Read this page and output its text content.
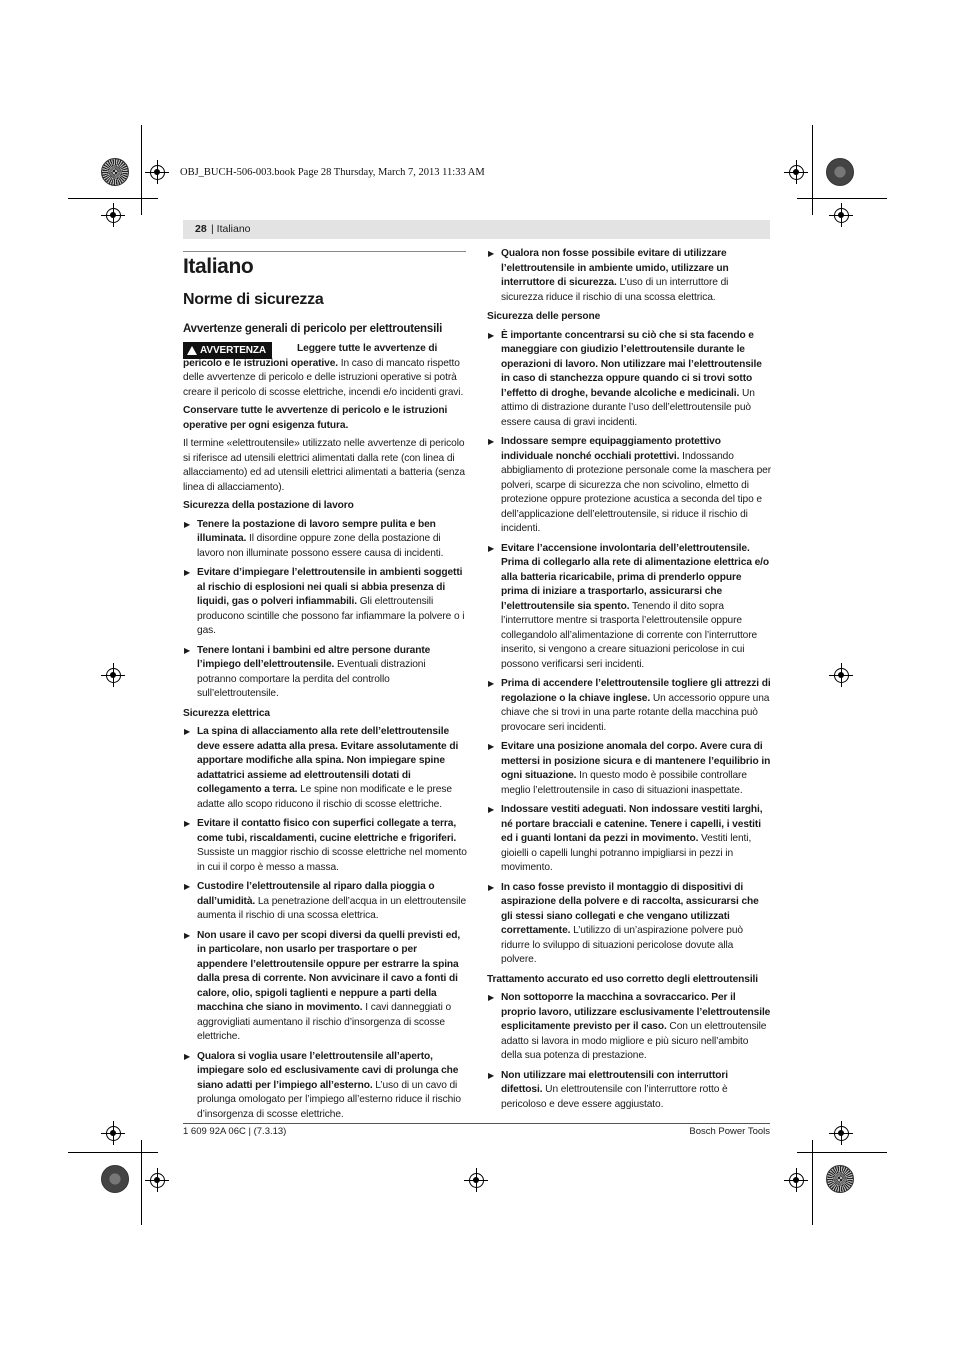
OBJ_BUCH-506-003.book Page 28 Thursday, March 7, 2013 11:33 AM
28 | Italiano
Italiano
Norme di sicurezza
Avvertenze generali di pericolo per elettroutensili
AVVERTENZA	Leggere tutte le avvertenze di pericolo e le istruzioni operative. In caso di mancato rispetto delle avvertenze di pericolo e delle istruzioni operative si potrà creare il pericolo di scosse elettriche, incendi e/o incidenti gravi.

Conservare tutte le avvertenze di pericolo e le istruzioni operative per ogni esigenza futura.

Il termine «elettroutensile» utilizzato nelle avvertenze di pericolo si riferisce ad utensili elettrici alimentati dalla rete (con linea di allacciamento) ed ad utensili elettrici alimentati a batteria (senza linea di allacciamento).

Sicurezza della postazione di lavoro
▶ Tenere la postazione di lavoro sempre pulita e ben illuminata. Il disordine oppure zone della postazione di lavoro non illuminate possono essere causa di incidenti.
▶ Evitare d’impiegare l’elettroutensile in ambienti soggetti al rischio di esplosioni nei quali si abbia presenza di liquidi, gas o polveri infiammabili. Gli elettroutensili producono scintille che possono far infiammare la polvere o i gas.
▶ Tenere lontani i bambini ed altre persone durante l’impiego dell’elettroutensile. Eventuali distrazioni potranno comportare la perdita del controllo sull’elettroutensile.
Sicurezza elettrica
▶ La spina di allacciamento alla rete dell’elettroutensile deve essere adatta alla presa. Evitare assolutamente di apportare modifiche alla spina. Non impiegare spine adattatrici assieme ad elettroutensili dotati di collegamento a terra. Le spine non modificate e le prese adatte allo scopo riducono il rischio di scosse elettriche.
▶ Evitare il contatto fisico con superfici collegate a terra, come tubi, riscaldamenti, cucine elettriche e frigoriferi. Sussiste un maggior rischio di scosse elettriche nel momento in cui il corpo è messo a massa.
▶ Custodire l’elettroutensile al riparo dalla pioggia o dall’umidità. La penetrazione dell’acqua in un elettroutensile aumenta il rischio di una scossa elettrica.
▶ Non usare il cavo per scopi diversi da quelli previsti ed, in particolare, non usarlo per trasportare o per appendere l’elettroutensile oppure per estrarre la spina dalla presa di corrente. Non avvicinare il cavo a fonti di calore, olio, spigoli taglienti e neppure a parti della macchina che siano in movimento. I cavi danneggiati o aggrovigliati aumentano il rischio d’insorgenza di scosse elettriche.
▶ Qualora si voglia usare l’elettroutensile all’aperto, impiegare solo ed esclusivamente cavi di prolunga che siano adatti per l’impiego all’esterno. L’uso di un cavo di prolunga omologato per l’impiego all’esterno riduce il rischio d’insorgenza di scosse elettriche.
▶ Qualora non fosse possibile evitare di utilizzare l’elettroutensile in ambiente umido, utilizzare un interruttore di sicurezza. L’uso di un interruttore di sicurezza riduce il rischio di una scossa elettrica.
Sicurezza delle persone
▶ È importante concentrarsi su ciò che si sta facendo e maneggiare con giudizio l’elettroutensile durante le operazioni di lavoro. Non utilizzare mai l’elettroutensile in caso di stanchezza oppure quando ci si trovi sotto l’effetto di droghe, bevande alcoliche e medicinali. Un attimo di distrazione durante l’uso dell’elettroutensile può essere causa di gravi incidenti.
▶ Indossare sempre equipaggiamento protettivo individuale nonché occhiali protettivi. Indossando abbigliamento di protezione personale come la maschera per polveri, scarpe di sicurezza che non scivolino, elmetto di protezione oppure protezione acustica a seconda del tipo e dell’applicazione dell’elettroutensile, si riduce il rischio di incidenti.
▶ Evitare l’accensione involontaria dell’elettroutensile. Prima di collegarlo alla rete di alimentazione elettrica e/o alla batteria ricaricabile, prima di prenderlo oppure prima di iniziare a trasportarlo, assicurarsi che l’elettroutensile sia spento. Tenendo il dito sopra l’interruttore mentre si trasporta l’elettroutensile oppure collegandolo all’alimentazione di corrente con l’interruttore inserito, si vengono a creare situazioni pericolose in cui possono verificarsi seri incidenti.
▶ Prima di accendere l’elettroutensile togliere gli attrezzi di regolazione o la chiave inglese. Un accessorio oppure una chiave che si trovi in una parte rotante della macchina può provocare seri incidenti.
▶ Evitare una posizione anomala del corpo. Avere cura di mettersi in posizione sicura e di mantenere l’equilibrio in ogni situazione. In questo modo è possibile controllare meglio l’elettroutensile in caso di situazioni inaspettate.
▶ Indossare vestiti adeguati. Non indossare vestiti larghi, né portare bracciali e catenine. Tenere i capelli, i vestiti ed i guanti lontani da pezzi in movimento. Vestiti lenti, gioielli o capelli lunghi potranno impigliarsi in pezzi in movimento.
▶ In caso fosse previsto il montaggio di dispositivi di aspirazione della polvere e di raccolta, assicurarsi che gli stessi siano collegati e che vengano utilizzati correttamente. L’utilizzo di un’aspirazione polvere può ridurre lo sviluppo di situazioni pericolose dovute alla polvere.
Trattamento accurato ed uso corretto degli elettroutensili
▶ Non sottoporre la macchina a sovraccarico. Per il proprio lavoro, utilizzare esclusivamente l’elettroutensile esplicitamente previsto per il caso. Con un elettroutensile adatto si lavora in modo migliore e più sicuro nell’ambito della sua potenza di prestazione.
▶ Non utilizzare mai elettroutensili con interruttori difettosi. Un elettroutensile con l’interruttore rotto è pericoloso e deve essere aggiustato.
1 609 92A 06C | (7.3.13)	Bosch Power Tools
